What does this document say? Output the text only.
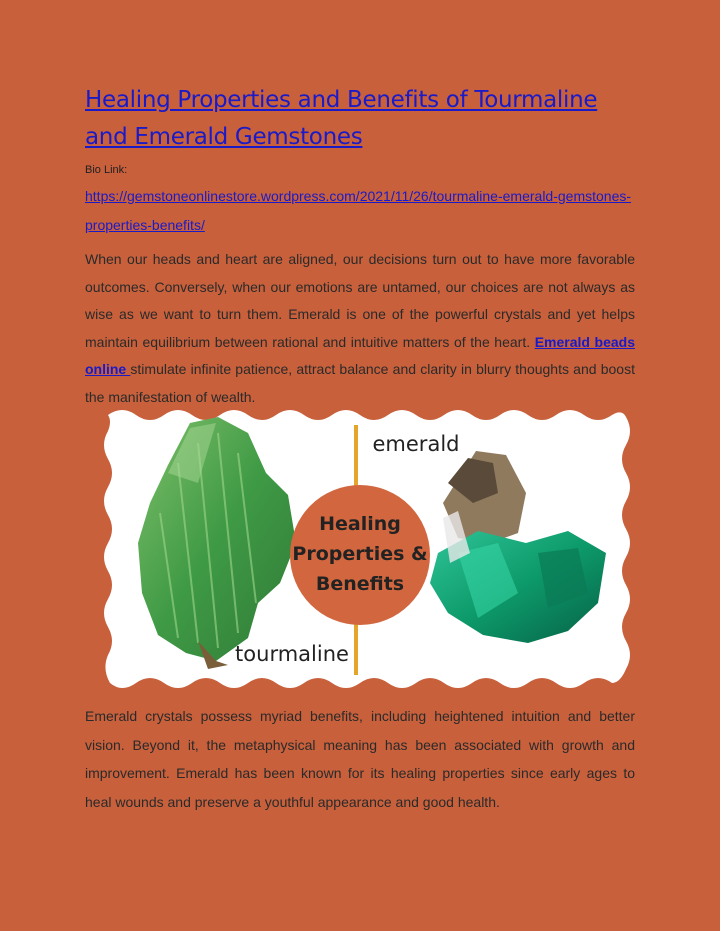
Healing Properties and Benefits of Tourmaline and Emerald Gemstones
Bio Link:
https://gemstoneonlinestore.wordpress.com/2021/11/26/tourmaline-emerald-gemstones-properties-benefits/

When our heads and heart are aligned, our decisions turn out to have more favorable outcomes. Conversely, when our emotions are untamed, our choices are not always as wise as we want to turn them. Emerald is one of the powerful crystals and yet helps maintain equilibrium between rational and intuitive matters of the heart. Emerald beads online stimulate infinite patience, attract balance and clarity in blurry thoughts and boost the manifestation of wealth.

Healing
Properties &
Benefits
emerald
tourmaline

Emerald crystals possess myriad benefits, including heightened intuition and better vision. Beyond it, the metaphysical meaning has been associated with growth and improvement. Emerald has been known for its healing properties since early ages to heal wounds and preserve a youthful appearance and good health.
